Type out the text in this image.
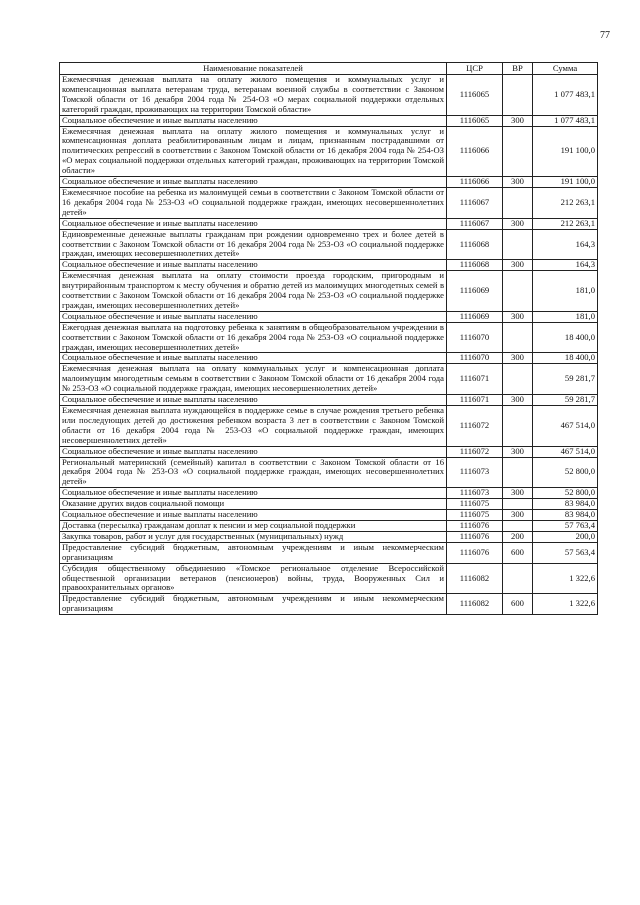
77
Наименование показателей	ЦСР	ВР	Сумма
Ежемесячная денежная выплата на оплату жилого помещения и коммунальных услуг и компенсационная выплата ветеранам труда, ветеранам военной службы в соответствии с Законом Томской области от 16 декабря 2004 года № 254-ОЗ «О мерах социальной поддержки отдельных категорий граждан, проживающих на территории Томской области»	1116065		1 077 483,1
Социальное обеспечение и иные выплаты населению	1116065	300	1 077 483,1
Ежемесячная денежная выплата на оплату жилого помещения и коммунальных услуг и компенсационная доплата реабилитированным лицам и лицам, признанным пострадавшими от политических репрессий в соответствии с Законом Томской области от 16 декабря 2004 года № 254-ОЗ «О мерах социальной поддержки отдельных категорий граждан, проживающих на территории Томской области»	1116066		191 100,0
Социальное обеспечение и иные выплаты населению	1116066	300	191 100,0
Ежемесячное пособие на ребенка из малоимущей семьи в соответствии с Законом Томской области от 16 декабря 2004 года № 253-ОЗ «О социальной поддержке граждан, имеющих несовершеннолетних детей»	1116067		212 263,1
Социальное обеспечение и иные выплаты населению	1116067	300	212 263,1
Единовременные денежные выплаты гражданам при рождении одновременно трех и более детей в соответствии с Законом Томской области от 16 декабря 2004 года № 253-ОЗ «О социальной поддержке граждан, имеющих несовершеннолетних детей»	1116068		164,3
Социальное обеспечение и иные выплаты населению	1116068	300	164,3
Ежемесячная денежная выплата на оплату стоимости проезда городским, пригородным и внутрирайонным транспортом к месту обучения и обратно детей из малоимущих многодетных семей в соответствии с Законом Томской области от 16 декабря 2004 года № 253-ОЗ «О социальной поддержке граждан, имеющих несовершеннолетних детей»	1116069		181,0
Социальное обеспечение и иные выплаты населению	1116069	300	181,0
Ежегодная денежная выплата на подготовку ребенка к занятиям в общеобразовательном учреждении в соответствии с Законом Томской области от 16 декабря 2004 года № 253-ОЗ «О социальной поддержке граждан, имеющих несовершеннолетних детей»	1116070		18 400,0
Социальное обеспечение и иные выплаты населению	1116070	300	18 400,0
Ежемесячная денежная выплата на оплату коммунальных услуг и компенсационная доплата малоимущим многодетным семьям в соответствии с Законом Томской области от 16 декабря 2004 года № 253-ОЗ «О социальной поддержке граждан, имеющих несовершеннолетних детей»	1116071		59 281,7
Социальное обеспечение и иные выплаты населению	1116071	300	59 281,7
Ежемесячная денежная выплата нуждающейся в поддержке семье в случае рождения третьего ребенка или последующих детей до достижения ребенком возраста 3 лет в соответствии с Законом Томской области от 16 декабря 2004 года № 253-ОЗ «О социальной поддержке граждан, имеющих несовершеннолетних детей»	1116072		467 514,0
Социальное обеспечение и иные выплаты населению	1116072	300	467 514,0
Региональный материнский (семейный) капитал в соответствии с Законом Томской области от 16 декабря 2004 года № 253-ОЗ «О социальной поддержке граждан, имеющих несовершеннолетних детей»	1116073		52 800,0
Социальное обеспечение и иные выплаты населению	1116073	300	52 800,0
Оказание других видов социальной помощи	1116075		83 984,0
Социальное обеспечение и иные выплаты населению	1116075	300	83 984,0
Доставка (пересылка) гражданам доплат к пенсии и мер социальной поддержки	1116076		57 763,4
Закупка товаров, работ и услуг для государственных (муниципальных) нужд	1116076	200	200,0
Предоставление субсидий бюджетным, автономным учреждениям и иным некоммерческим организациям	1116076	600	57 563,4
Субсидия общественному объединению «Томское региональное отделение Всероссийской общественной организации ветеранов (пенсионеров) войны, труда, Вооруженных Сил и правоохранительных органов»	1116082		1 322,6
Предоставление субсидий бюджетным, автономным учреждениям и иным некоммерческим организациям	1116082	600	1 322,6
